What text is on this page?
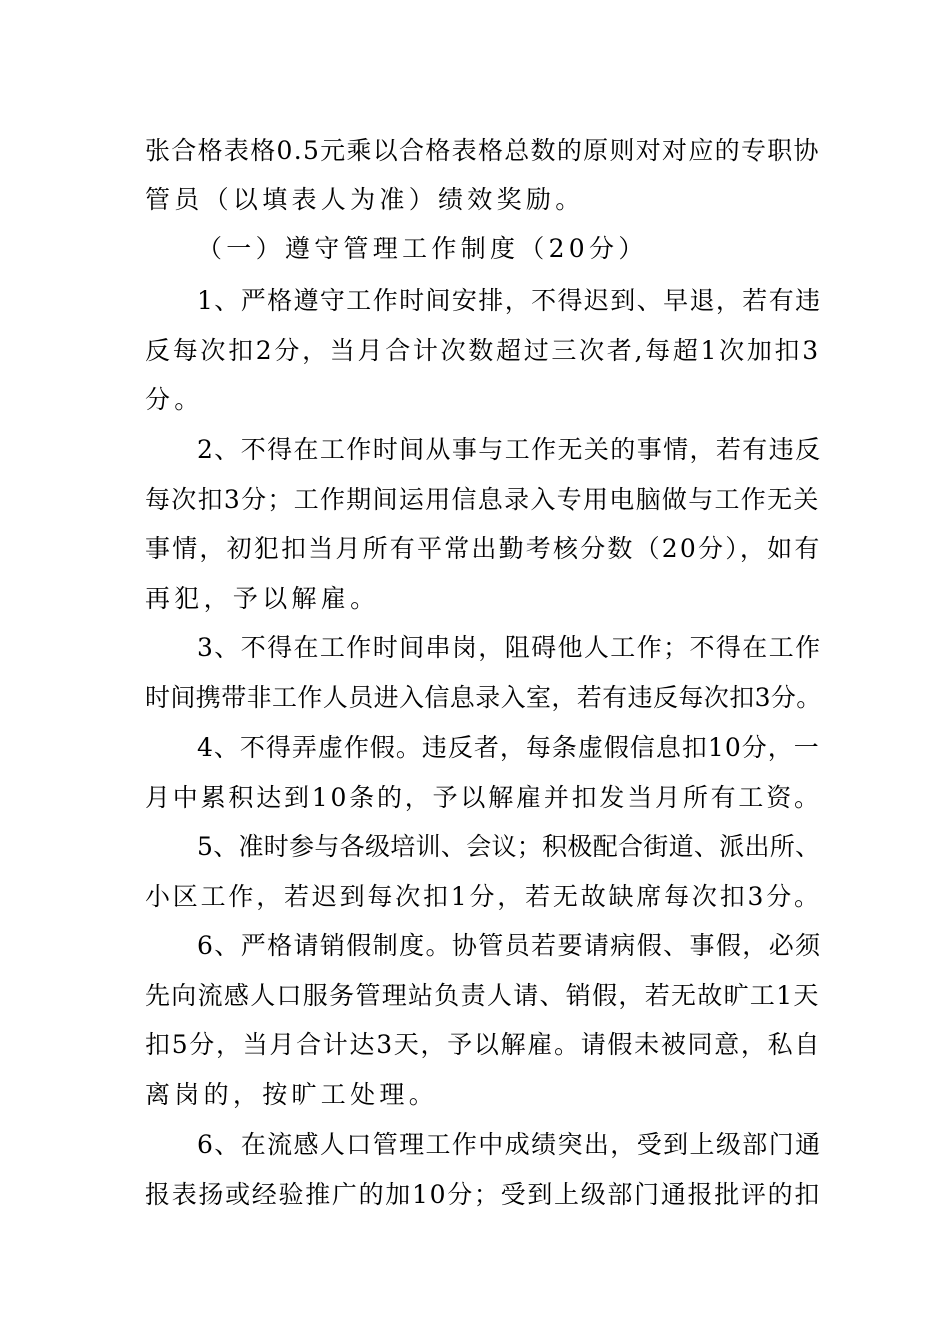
张合格表格0.5元乘以合格表格总数的原则对对应的专职协
管员（以填表人为准）绩效奖励。
（一）遵守管理工作制度（20分）
1、严格遵守工作时间安排，不得迟到、早退，若有违
反每次扣2分，当月合计次数超过三次者,每超1次加扣3
分。
2、不得在工作时间从事与工作无关的事情，若有违反
每次扣3分；工作期间运用信息录入专用电脑做与工作无关
事情，初犯扣当月所有平常出勤考核分数（20分），如有
再犯，予以解雇。
3、不得在工作时间串岗，阻碍他人工作；不得在工作
时间携带非工作人员进入信息录入室，若有违反每次扣3分。
4、不得弄虚作假。违反者，每条虚假信息扣10分，一
月中累积达到10条的，予以解雇并扣发当月所有工资。
5、准时参与各级培训、会议；积极配合街道、派出所、
小区工作，若迟到每次扣1分，若无故缺席每次扣3分。
6、严格请销假制度。协管员若要请病假、事假，必须
先向流感人口服务管理站负责人请、销假，若无故旷工1天
扣5分，当月合计达3天，予以解雇。请假未被同意，私自
离岗的，按旷工处理。
6、在流感人口管理工作中成绩突出，受到上级部门通
报表扬或经验推广的加10分；受到上级部门通报批评的扣
